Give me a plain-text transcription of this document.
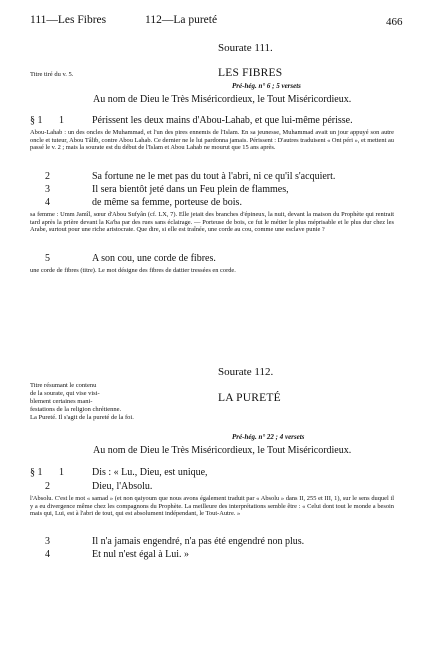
111—Les Fibres	112—La pureté	466
Sourate 111.
Titre tiré du v. 5.	LES FIBRES
Pré-hég. n° 6 ; 5 versets
Au nom de Dieu le Très Miséricordieux, le Tout Miséricordieux.
§ 1	1	Périssent les deux mains d'Abou-Lahab, et que lui-même périsse.
Abou-Lahab : un des oncles de Muhammad, et l'un des pires ennemis de l'Islam. En sa jeunesse, Muhammad avait un jour appuyé son autre oncle et tuteur, Abou Tâlib, contre Abou Lahab. Ce dernier ne le lui pardonna jamais. Périssent : D'autres traduisent « Ont péri », et mettent au passé le v. 2 ; mais la sourate est du début de l'Islam et Abou Lahab ne mourut que 15 ans après.
2	Sa fortune ne le met pas du tout à l'abri, ni ce qu'il s'acquiert.
3	Il sera bientôt jeté dans un Feu plein de flammes,
4	de même sa femme, porteuse de bois.
sa femme : Umm Jamîl, sœur d'Abou Sufyân (cf. LX, 7). Elle jetait des branches d'épineux, la nuit, devant la maison du Prophète qui rentrait tard après la prière devant la Ka'ba par des rues sans éclairage. — Porteuse de bois, ce fut le métier le plus méprisable et le plus dur chez les Arabe, surtout pour une riche aristocrate. Que dire, si elle est traînée, une corde au cou, comme une esclave punie ?
5	A son cou, une corde de fibres.
une corde de fibres (titre). Le mot désigne des fibres de dattier tressées en corde.
Sourate 112.
Titre résumant le contenu
de la sourate, qui vise visi-
blement certaines mani-
festations de la religion chrétienne.
La Pureté. Il s'agit de la pureté de la foi.
LA PURETÉ
Pré-hég. n° 22 ; 4 versets
Au nom de Dieu le Très Miséricordieux, le Tout Miséricordieux.
§ 1	1	Dis : « Lu., Dieu, est unique,
2	Dieu, l'Absolu.
l'Absolu. C'est le mot « samad » (et non qaiyoum que nous avons également traduit par « Absolu » dans II, 255 et III, 1), sur le sens duquel il y a eu divergence même chez les compagnons du Prophète. La meilleure des interprétations semble être : « Celui dont tout le monde a besoin mais qui, Lui, est à l'abri de tout, qui est absolument indépendant, le Tout-Autre. »
3	Il n'a jamais engendré, n'a pas été engendré non plus.
4	Et nul n'est égal à Lui. »
